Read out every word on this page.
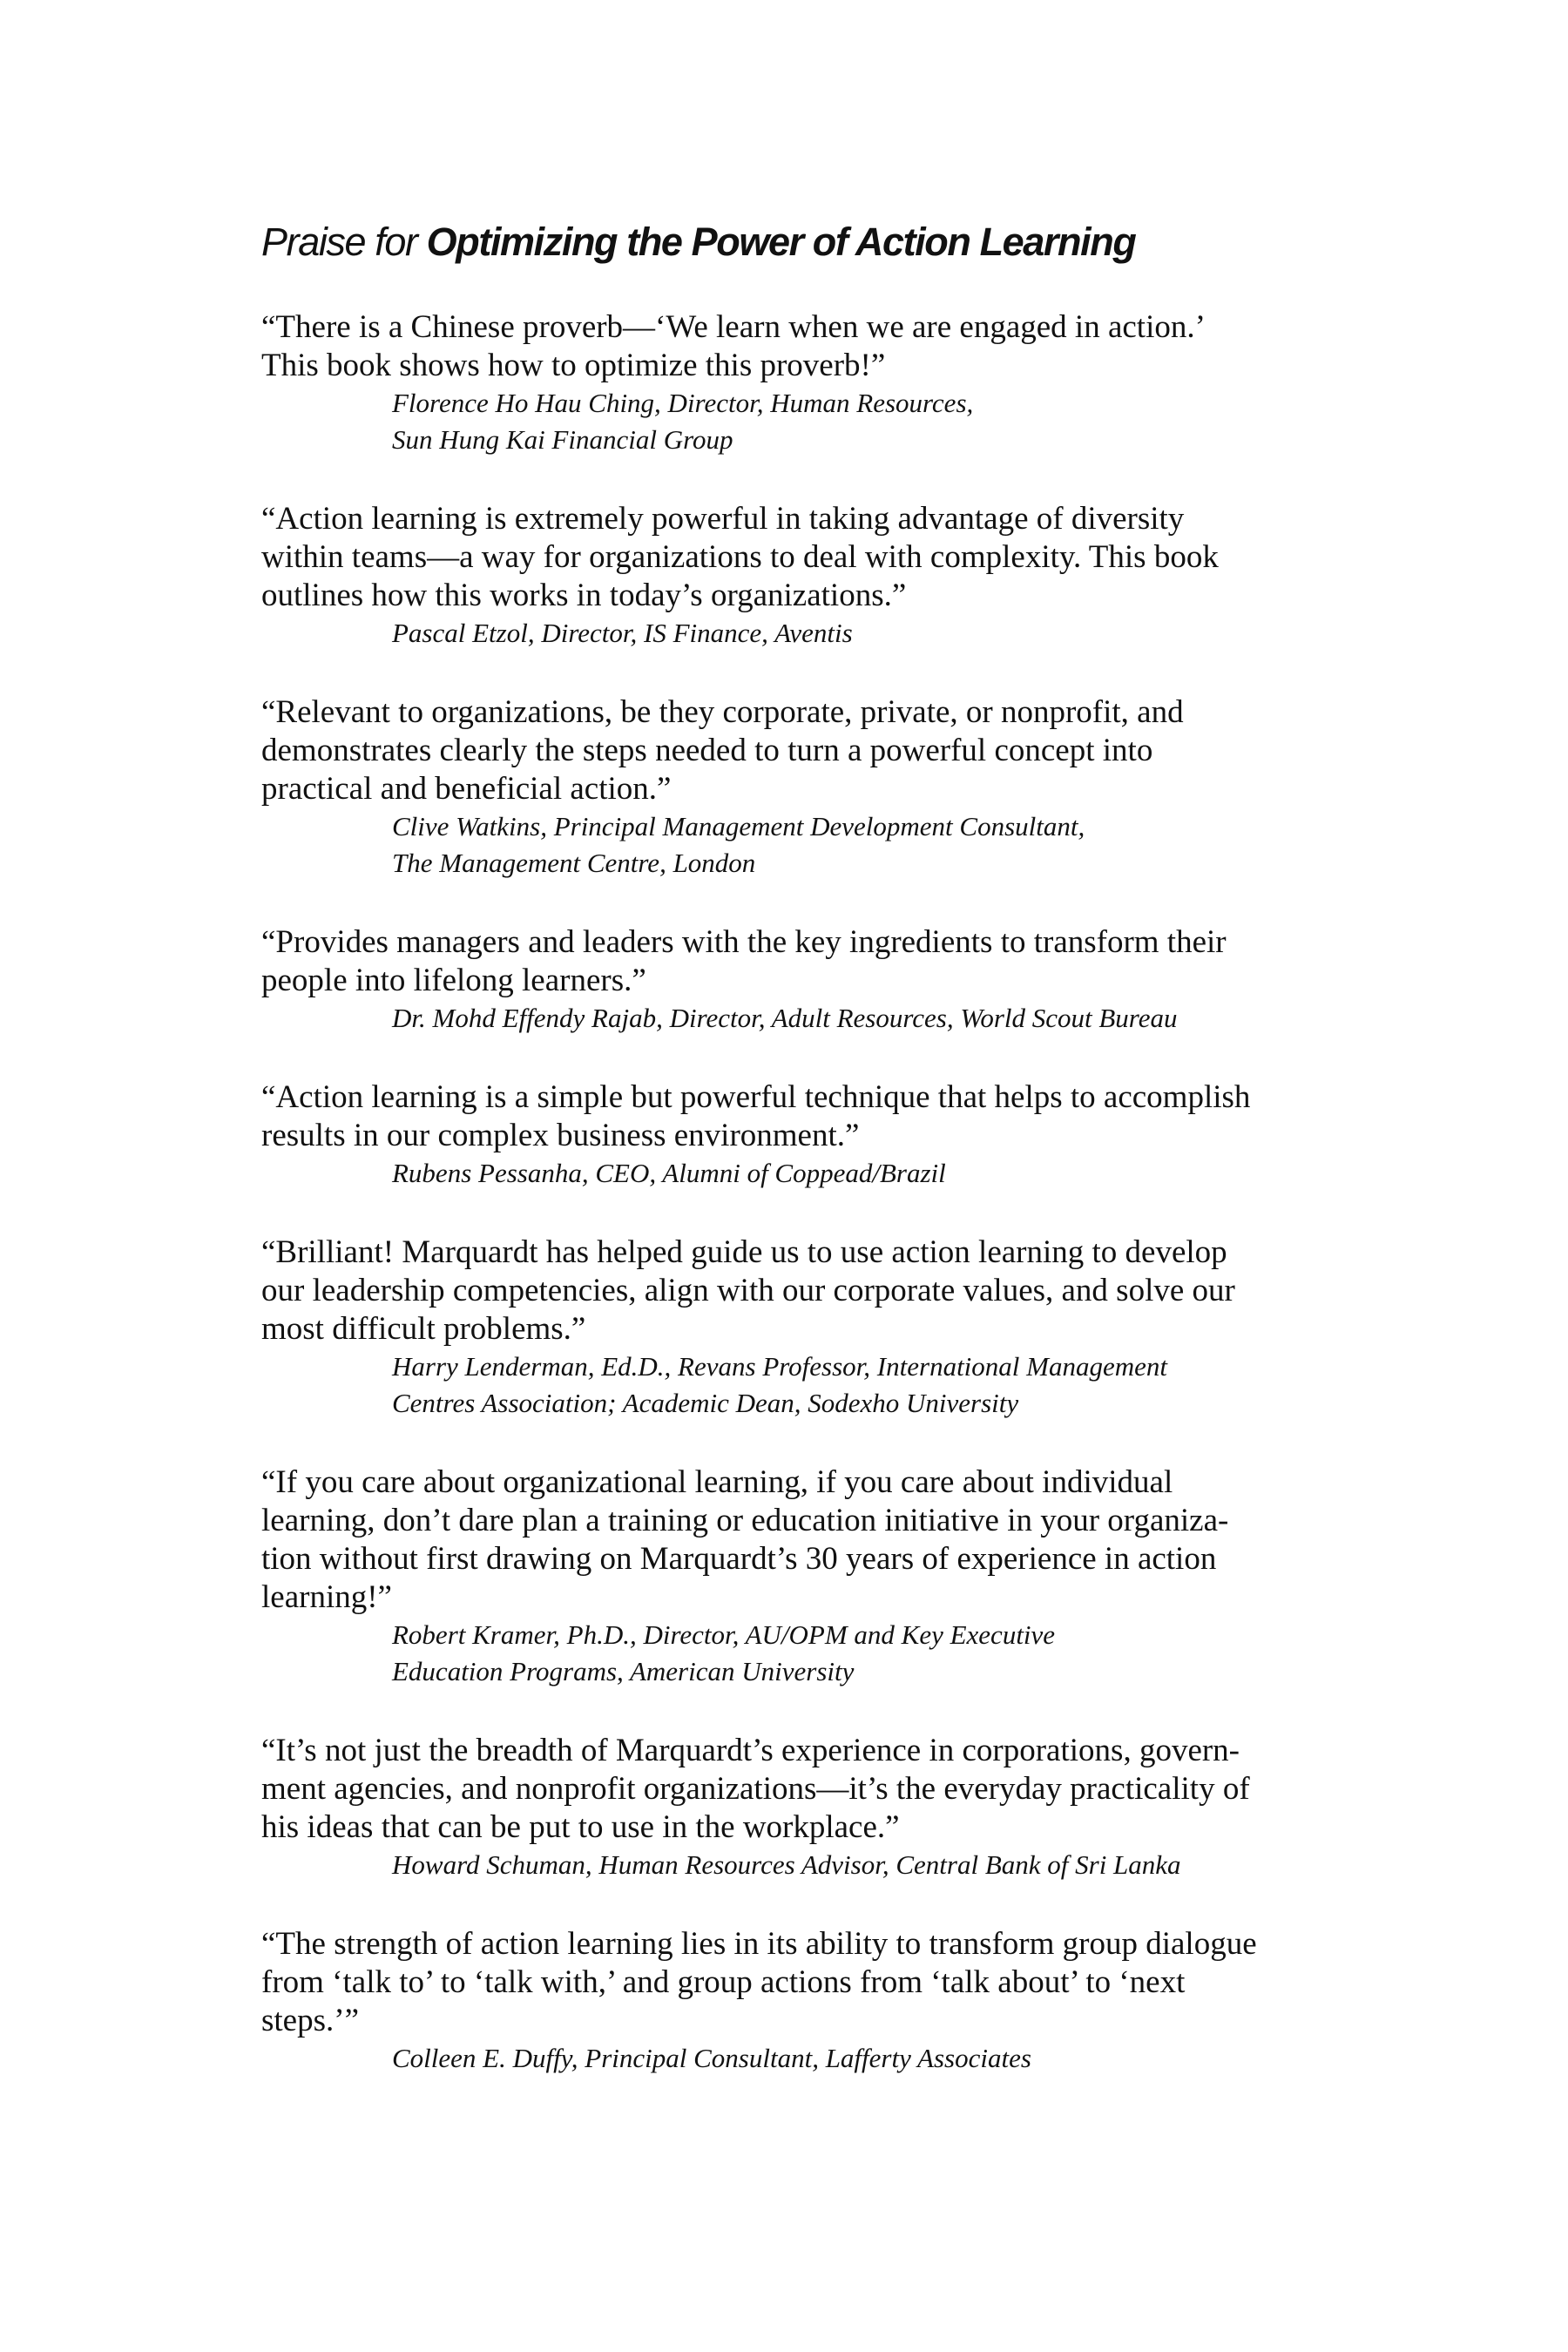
Praise for Optimizing the Power of Action Learning

“There is a Chinese proverb—‘We learn when we are engaged in action.’
This book shows how to optimize this proverb!”

Florence Ho Hau Ching, Director, Human Resources,
Sun Hung Kai Financial Group

“Action learning is extremely powerful in taking advantage of diversity
within teams—a way for organizations to deal with complexity. This book
outlines how this works in today’s organizations.”

Pascal Etzol, Director, IS Finance, Aventis

“Relevant to organizations, be they corporate, private, or nonprofit, and
demonstrates clearly the steps needed to turn a powerful concept into
practical and beneficial action.”

Clive Watkins, Principal Management Development Consultant,
The Management Centre, London

“Provides managers and leaders with the key ingredients to transform their
people into lifelong learners.”

Dr. Mohd Effendy Rajab, Director, Adult Resources, World Scout Bureau

“Action learning is a simple but powerful technique that helps to accomplish
results in our complex business environment.”

Rubens Pessanha, CEO, Alumni of Coppead/Brazil

“Brilliant! Marquardt has helped guide us to use action learning to develop
our leadership competencies, align with our corporate values, and solve our
most difficult problems.”

Harry Lenderman, Ed.D., Revans Professor, International Management
Centres Association; Academic Dean, Sodexho University

“If you care about organizational learning, if you care about individual
learning, don’t dare plan a training or education initiative in your organiza-
tion without first drawing on Marquardt’s 30 years of experience in action
learning!”

Robert Kramer, Ph.D., Director, AU/OPM and Key Executive
Education Programs, American University

“It’s not just the breadth of Marquardt’s experience in corporations, govern-
ment agencies, and nonprofit organizations—it’s the everyday practicality of
his ideas that can be put to use in the workplace.”

Howard Schuman, Human Resources Advisor, Central Bank of Sri Lanka

“The strength of action learning lies in its ability to transform group dialogue
from ‘talk to’ to ‘talk with,’ and group actions from ‘talk about’ to ‘next
steps.’”

Colleen E. Duffy, Principal Consultant, Lafferty Associates
